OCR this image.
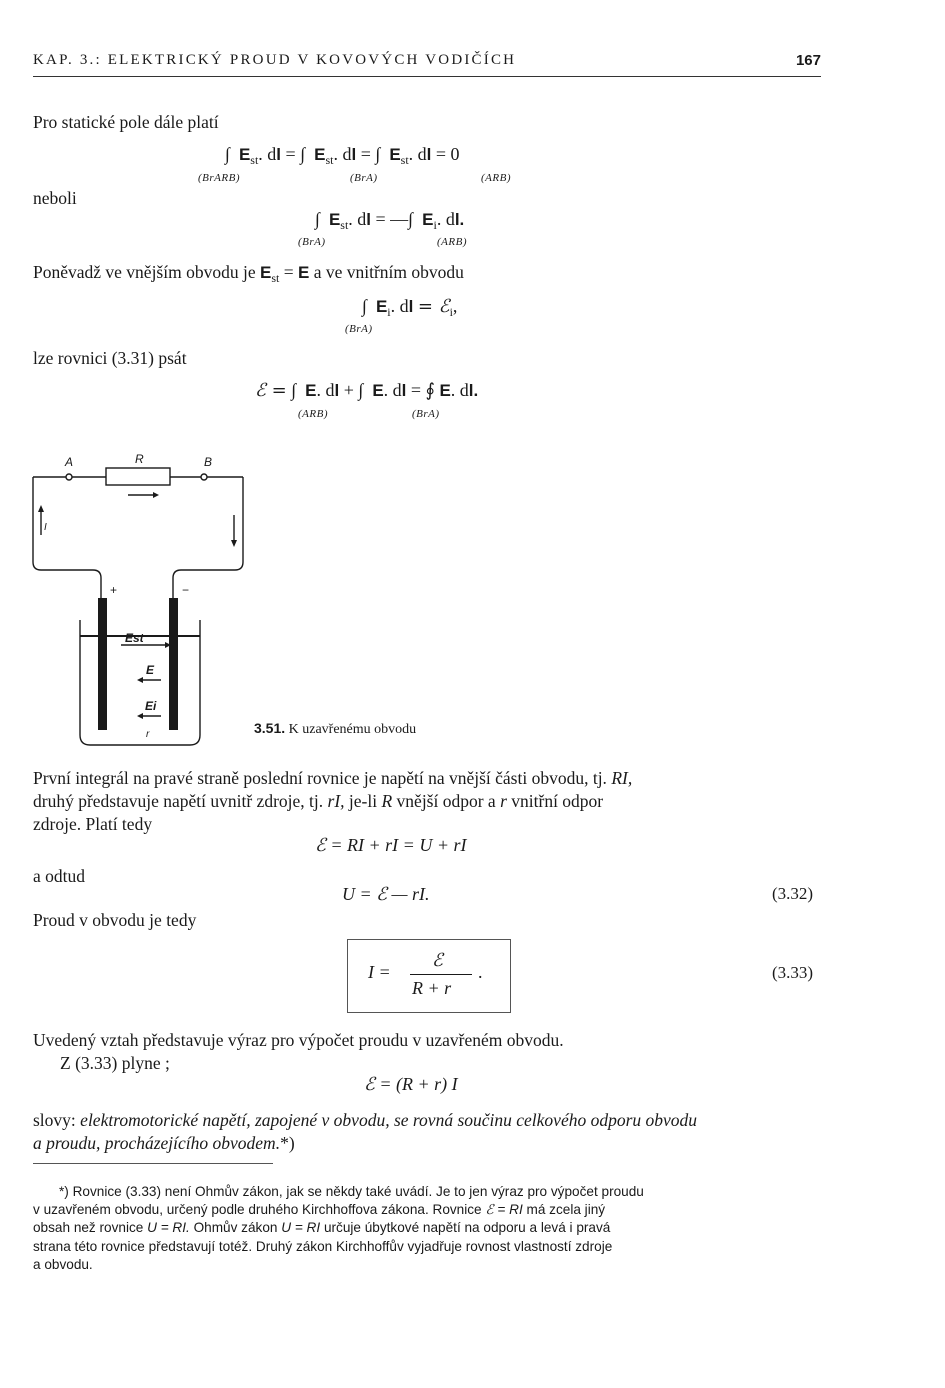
KAP. 3.: ELEKTRICKÝ PROUD V KOVOVÝCH VODIČÍCH	167
Pro statické pole dále platí
∫ $E_{st}$. dl = ∫ $E_{st}$. dl = ∫ $E_{st}$. dl = 0
(BrARB)	(BrA)	(ARB)
neboli
∫ $E_{st}$. dl = —∫ $E_i$. dl.
(BrA)	(ARB)
Poněvadž ve vnějším obvodu je $E_{st} = E$ a ve vnitřním obvodu
∫ $E_i$. dl = ℰ$_i$,
(BrA)
lze rovnici (3.31) psát
ℰ = ∫ E. dl + ∫ E. dl = ∮ E. dl.
(ARB)	(BrA)
A	R	B
I
+	−
Est
E
Ei
r	3.51. K uzavřenému obvodu
První integrál na pravé straně poslední rovnice je napětí na vnější části obvodu, tj. RI,
druhý představuje napětí uvnitř zdroje, tj. rI, je-li R vnější odpor a r vnitřní odpor
zdroje. Platí tedy
ℰ = RI + rI = U + rI
a odtud
U = ℰ — rI.	(3.32)
Proud v obvodu je tedy
I =
ℰ
R + r
.	(3.33)
Uvedený vztah představuje výraz pro výpočet proudu v uzavřeném obvodu.
Z (3.33) plyne ;
ℰ = (R + r) I
slovy: elektromotorické napětí, zapojené v obvodu, se rovná součinu celkového odporu obvodu
a proudu, procházejícího obvodem.*)
*) Rovnice (3.33) není Ohmův zákon, jak se někdy také uvádí. Je to jen výraz pro výpočet proudu
v uzavřeném obvodu, určený podle druhého Kirchhoffova zákona. Rovnice ℰ = RI má zcela jiný
obsah než rovnice U = RI. Ohmův zákon U = RI určuje úbytkové napětí na odporu a levá i pravá
strana této rovnice představují totéž. Druhý zákon Kirchhoffův vyjadřuje rovnost vlastností zdroje
a obvodu.
